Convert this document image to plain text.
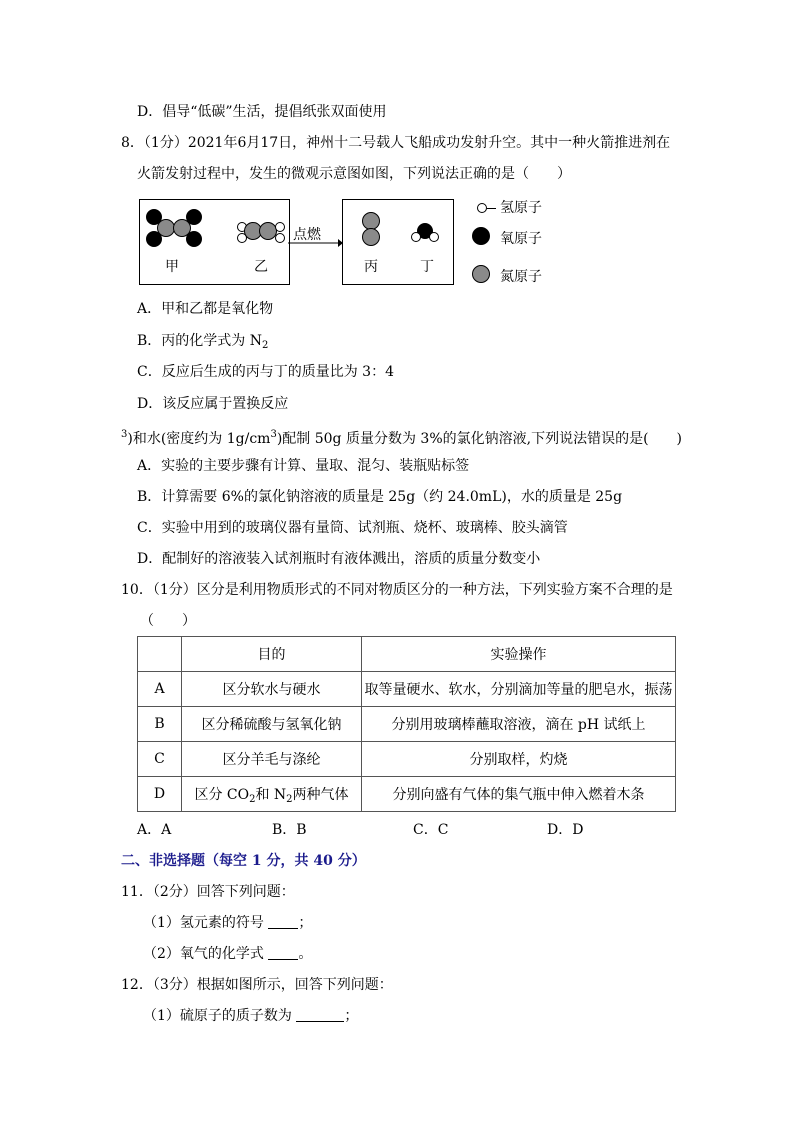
D．倡导“低碳”生活，提倡纸张双面使用
8．（1分）2021年6月17日，神州十二号载人飞船成功发射升空。其中一种火箭推进剂在
火箭发射过程中，发生的微观示意图如图，下列说法正确的是（　　）
甲	乙
点燃
丙	丁
氢原子
氧原子
氮原子
A．甲和乙都是氧化物
B．丙的化学式为 $N_2$
C．反应后生成的丙与丁的质量比为 3：4
D．该反应属于置换反应
$^3$)和水(密度约为 $1g/cm^3$)配制 50g 质量分数为 3%的氯化钠溶液,下列说法错误的是(　　)
A．实验的主要步骤有计算、量取、混匀、装瓶贴标签
B．计算需要 6%的氯化钠溶液的质量是 25g（约 24.0mL)，水的质量是 25g
C．实验中用到的玻璃仪器有量筒、试剂瓶、烧杯、玻璃棒、胶头滴管
D．配制好的溶液装入试剂瓶时有液体溅出，溶质的质量分数变小
10．（1分）区分是利用物质形式的不同对物质区分的一种方法，下列实验方案不合理的是
（　　）
	目的	实验操作
A	区分软水与硬水	取等量硬水、软水，分别滴加等量的肥皂水，振荡
B	区分稀硫酸与氢氧化钠	分别用玻璃棒蘸取溶液，滴在 pH 试纸上
C	区分羊毛与涤纶	分别取样，灼烧
D	区分 $CO_2$和 $N_2$两种气体	分别向盛有气体的集气瓶中伸入燃着木条
A．A	B．B	C．C	D．D
二、非选择题（每空 1 分，共 40 分）
11．（2分）回答下列问题：
（1）氢元素的符号 ；
（2）氧气的化学式 。
12．（3分）根据如图所示，回答下列问题：
（1）硫原子的质子数为	；
